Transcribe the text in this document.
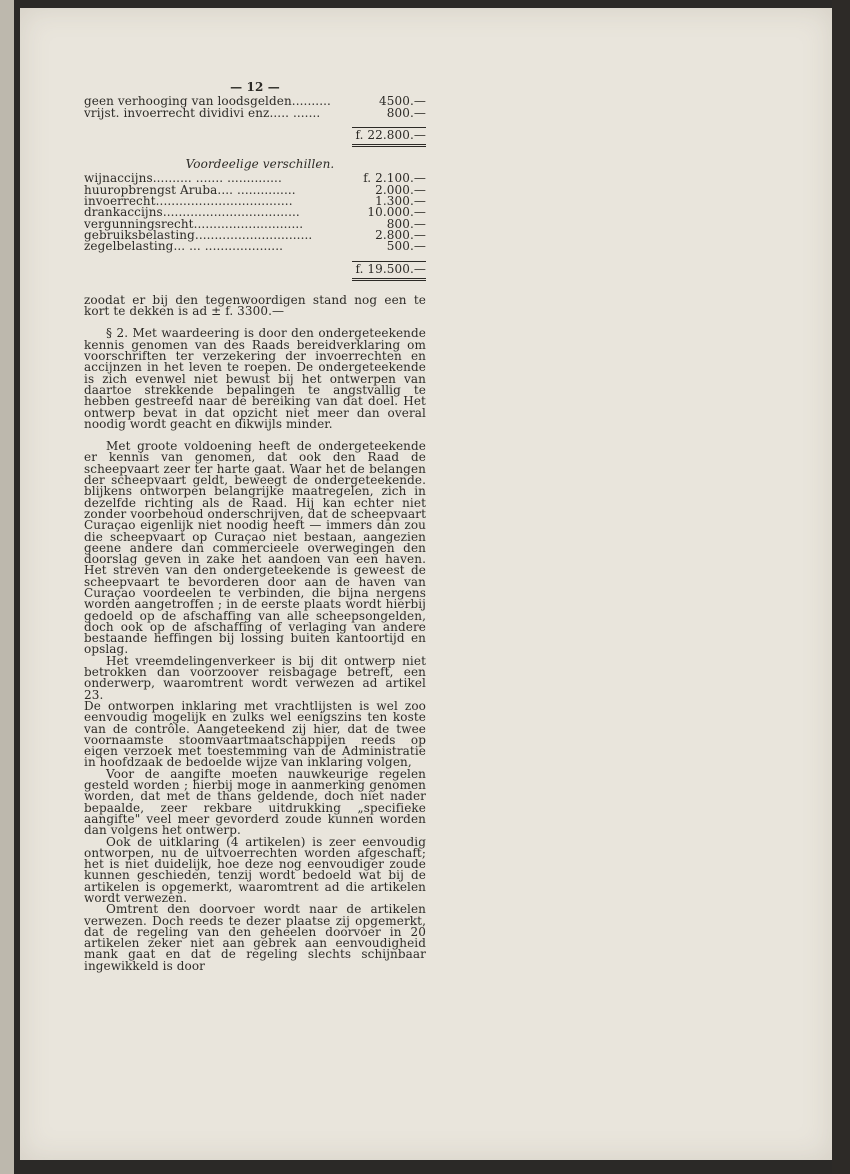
— 12 —
geen verhooging van loodsgelden..........	4500.—
vrijst. invoerrecht dividivi enz..... .......	800.—
f. 22.800.—
Voordeelige verschillen.
wijnaccijns.......... ....... ..............	f. 2.100.—
huuropbrengst Aruba.... ...............	2.000.—
invoerrecht...................................	1.300.—
drankaccijns...................................	10.000.—
vergunningsrecht............................	800.—
gebruiksbelasting..............................	2.800.—
zegelbelasting... ... ....................	500.—
f. 19.500.—

zoodat er bij den tegenwoordigen stand nog een te kort te dekken is ad ± f. 3300.—

§ 2. Met waardeering is door den ondergeteekende kennis genomen van des Raads bereidverklaring om voorschriften ter verzekering der invoerrechten en accijnzen in het leven te roepen. De ondergeteekende is zich evenwel niet bewust bij het ontwerpen van daartoe strekkende bepalingen te angstvallig te hebben gestreefd naar de bereiking van dat doel. Het ontwerp bevat in dat opzicht niet meer dan overal noodig wordt geacht en dikwijls minder.

Met groote voldoening heeft de ondergeteekende er kennis van genomen, dat ook den Raad de scheepvaart zeer ter harte gaat. Waar het de belangen der scheepvaart geldt, beweegt de ondergeteekende. blijkens ontworpen belangrijke maatregelen, zich in dezelfde richting als de Raad. Hij kan echter niet zonder voorbehoud onderschrijven, dat de scheepvaart Curaçao eigenlijk niet noodig heeft — immers dan zou die scheepvaart op Curaçao niet bestaan, aangezien geene andere dan commercieele overwegingen den doorslag geven in zake het aandoen van een haven. Het streven van den ondergeteekende is geweest de scheepvaart te bevorderen door aan de haven van Curaçao voordeelen te verbinden, die bijna nergens worden aangetroffen ; in de eerste plaats wordt hierbij gedoeld op de afschaffing van alle scheepsongelden, doch ook op de afschaffing of verlaging van andere bestaande heffingen bij lossing buiten kantoortijd en opslag.

Het vreemdelingenverkeer is bij dit ontwerp niet betrokken dan voorzoover reisbagage betreft, een onderwerp, waaromtrent wordt verwezen ad artikel 23.

De ontworpen inklaring met vrachtlijsten is wel zoo eenvoudig mogelijk en zulks wel eenigszins ten koste van de contrôle. Aangeteekend zij hier, dat de twee voornaamste stoomvaartmaatschappijen reeds op eigen verzoek met toestemming van de Administratie in hoofdzaak de bedoelde wijze van inklaring volgen,

Voor de aangifte moeten nauwkeurige regelen gesteld worden ; hierbij moge in aanmerking genomen worden, dat met de thans geldende, doch niet nader bepaalde, zeer rekbare uitdrukking „specifieke aangifte" veel meer gevorderd zoude kunnen worden dan volgens het ontwerp.

Ook de uitklaring (4 artikelen) is zeer eenvoudig ontworpen, nu de uitvoerrechten worden afgeschaft; het is niet duidelijk, hoe deze nog eenvoudiger zoude kunnen geschieden, tenzij wordt bedoeld wat bij de artikelen is opgemerkt, waaromtrent ad die artikelen wordt verwezen.

Omtrent den doorvoer wordt naar de artikelen verwezen. Doch reeds te dezer plaatse zij opgemerkt, dat de regeling van den geheelen doorvoer in 20 artikelen zeker niet aan gebrek aan eenvoudigheid mank gaat en dat de regeling slechts schijnbaar ingewikkeld is door
